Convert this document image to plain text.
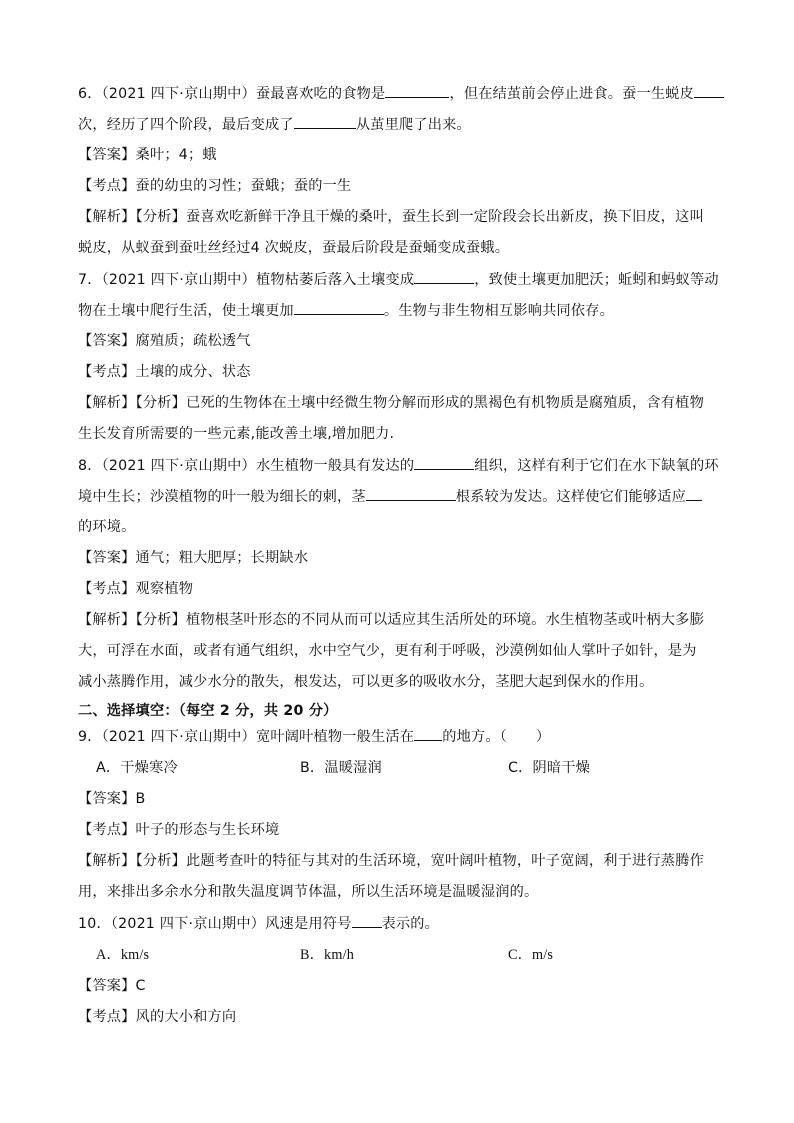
6．（2021 四下·京山期中）蚕最喜欢吃的食物是	，但在结茧前会停止进食。蚕一生蜕皮
次，经历了四个阶段，最后变成了	从茧里爬了出来。
【答案】桑叶；4；蛾
【考点】蚕的幼虫的习性；蚕蛾；蚕的一生
【解析】【分析】蚕喜欢吃新鲜干净且干燥的桑叶，蚕生长到一定阶段会长出新皮，换下旧皮，这叫
蜕皮，从蚁蚕到蚕吐丝经过4 次蜕皮，蚕最后阶段是蚕蛹变成蚕蛾。
7．（2021 四下·京山期中）植物枯萎后落入土壤变成	，致使土壤更加肥沃；蚯蚓和蚂蚁等动
物在土壤中爬行生活，使土壤更加	。生物与非生物相互影响共同依存。
【答案】腐殖质；疏松透气
【考点】土壤的成分、状态
【解析】【分析】已死的生物体在土壤中经微生物分解而形成的黑褐色有机物质是腐殖质，含有植物
生长发育所需要的一些元素,能改善土壤,增加肥力.
8．（2021 四下·京山期中）水生植物一般具有发达的	组织，这样有利于它们在水下缺氧的环
境中生长；沙漠植物的叶一般为细长的刺，茎	根系较为发达。这样使它们能够适应
的环境。
【答案】通气；粗大肥厚；长期缺水
【考点】观察植物
【解析】【分析】植物根茎叶形态的不同从而可以适应其生活所处的环境。水生植物茎或叶柄大多膨
大，可浮在水面，或者有通气组织，水中空气少，更有利于呼吸，沙漠例如仙人掌叶子如针，是为
减小蒸腾作用，减少水分的散失，根发达，可以更多的吸收水分，茎肥大起到保水的作用。
二、选择填空：（每空 2 分，共 20 分）
9．（2021 四下·京山期中）宽叶阔叶植物一般生活在 的地方。（　　）
A．干燥寒冷	B．温暖湿润	C．阴暗干燥
【答案】B
【考点】叶子的形态与生长环境
【解析】【分析】此题考查叶的特征与其对的生活环境，宽叶阔叶植物，叶子宽阔，利于进行蒸腾作
用，来排出多余水分和散失温度调节体温，所以生活环境是温暖湿润的。
10．（2021 四下·京山期中）风速是用符号 表示的。
A．km/s	B．km/h	C．m/s
【答案】C
【考点】风的大小和方向
